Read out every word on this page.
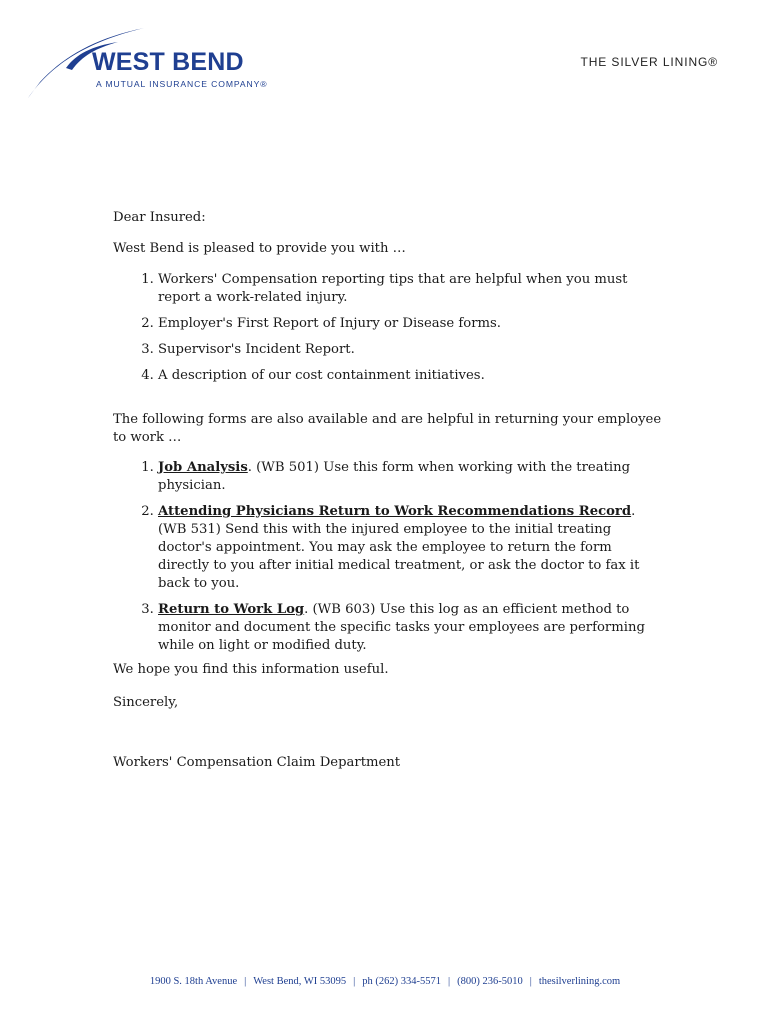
WEST BEND
A MUTUAL INSURANCE COMPANY®
THE SILVER LINING®

Dear Insured:

West Bend is pleased to provide you with …

1. Workers' Compensation reporting tips that are helpful when you must report a work-related injury.
2. Employer's First Report of Injury or Disease forms.
3. Supervisor's Incident Report.
4. A description of our cost containment initiatives.

The following forms are also available and are helpful in returning your employee to work …

1. Job Analysis. (WB 501) Use this form when working with the treating physician.
2. Attending Physicians Return to Work Recommendations Record. (WB 531) Send this with the injured employee to the initial treating doctor's appointment. You may ask the employee to return the form directly to you after initial medical treatment, or ask the doctor to fax it back to you.
3. Return to Work Log. (WB 603) Use this log as an efficient method to monitor and document the specific tasks your employees are performing while on light or modified duty.

We hope you find this information useful.

Sincerely,

Workers' Compensation Claim Department

1900 S. 18th Avenue | West Bend, WI 53095 | ph (262) 334-5571 | (800) 236-5010 | thesilverlining.com
